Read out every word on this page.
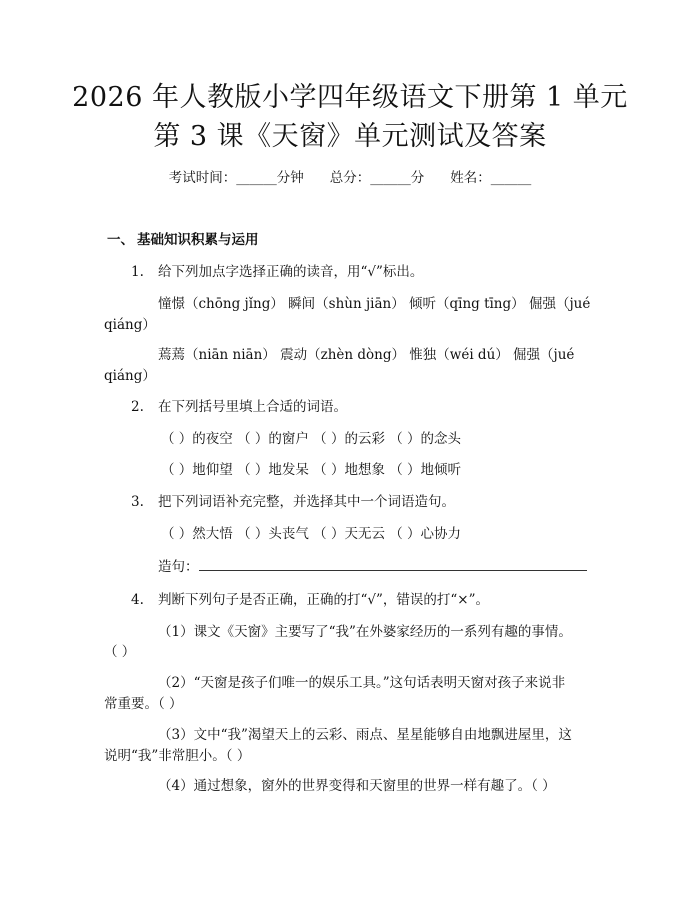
2026 年人教版小学四年级语文下册第 1 单元
第 3 课《天窗》单元测试及答案
考试时间：______分钟 总分：______分 姓名：______
一、 基础知识积累与运用
1. 给下列加点字选择正确的读音，用“√”标出。
憧憬（chōng jǐng） 瞬间（shùn jiān） 倾听（qīng tīng） 倔强（jué
qiáng）
蔫蔫（niān niān） 震动（zhèn dòng） 惟独（wéi dú） 倔强（jué
qiáng）
2. 在下列括号里填上合适的词语。
（ ）的夜空 （ ）的窗户 （ ）的云彩 （ ）的念头
（ ）地仰望 （ ）地发呆 （ ）地想象 （ ）地倾听
3. 把下列词语补充完整，并选择其中一个词语造句。
（ ）然大悟 （ ）头丧气 （ ）天无云 （ ）心协力
造句：
4. 判断下列句子是否正确，正确的打“√”，错误的打“×”。
（1）课文《天窗》主要写了“我”在外婆家经历的一系列有趣的事情。
（ ）
（2）“天窗是孩子们唯一的娱乐工具。”这句话表明天窗对孩子来说非
常重要。（ ）
（3）文中“我”渴望天上的云彩、雨点、星星能够自由地飘进屋里，这
说明“我”非常胆小。（ ）
（4）通过想象，窗外的世界变得和天窗里的世界一样有趣了。（ ）
